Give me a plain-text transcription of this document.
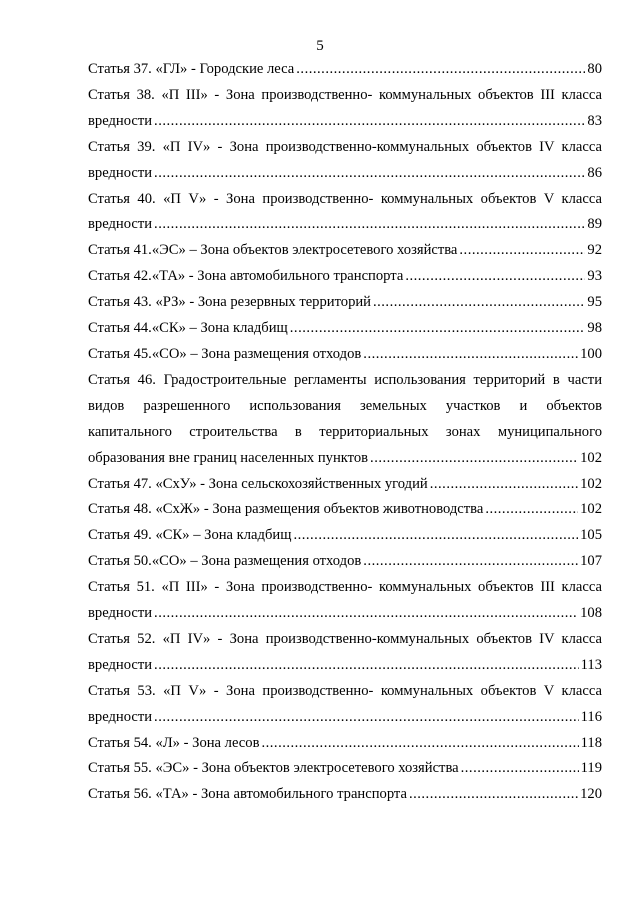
5
Статья 37. «ГЛ» - Городские леса .....	80
Статья 38. «П III» - Зона производственно- коммунальных объектов III класса
вредности .....	83
Статья 39. «П IV» - Зона производственно-коммунальных объектов IV класса
вредности .....	86
Статья 40. «П V» - Зона производственно- коммунальных объектов V класса
вредности .....	89
Статья 41.«ЭС» – Зона объектов электросетевого хозяйства .....	92
Статья 42.«ТА» - Зона автомобильного транспорта .....	93
Статья 43. «РЗ» - Зона резервных территорий .....	95
Статья 44.«СК» – Зона кладбищ .....	98
Статья 45.«СО» – Зона размещения отходов .....	100
Статья 46. Градостроительные регламенты использования территорий в части
видов разрешенного использования земельных участков и объектов
капитального строительства в территориальных зонах муниципального
образования вне границ населенных пунктов .....	102
Статья 47. «СхУ» - Зона сельскохозяйственных угодий .....	102
Статья 48. «СхЖ» - Зона размещения объектов животноводства .....	102
Статья 49. «СК» – Зона кладбищ .....	105
Статья 50.«СО» – Зона размещения отходов .....	107
Статья 51. «П III» - Зона производственно- коммунальных объектов III класса
вредности .....	108
Статья 52. «П IV» - Зона производственно-коммунальных объектов IV класса
вредности .....	113
Статья 53. «П V» - Зона производственно- коммунальных объектов V класса
вредности .....	116
Статья 54. «Л» - Зона лесов .....	118
Статья 55. «ЭС» - Зона объектов электросетевого хозяйства .....	119
Статья 56. «ТА» - Зона автомобильного транспорта .....	120
